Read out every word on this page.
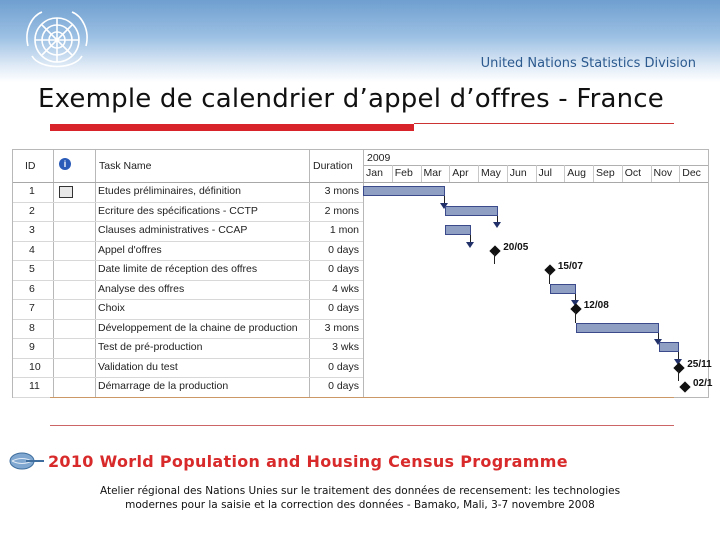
United Nations Statistics Division
Exemple de calendrier d’appel d’offres - France
ID	i	Task Name	Duration
2009
Jan Feb Mar Apr May Jun Jul Aug Sep Oct Nov Dec
1	Etudes préliminaires, définition	3 mons
2	Ecriture des spécifications - CCTP	2 mons
3	Clauses administratives - CCAP	1 mon
4	Appel d'offres	0 days	20/05
5	Date limite de réception des offres	0 days	15/07
6	Analyse des offres	4 wks
7	Choix	0 days	12/08
8	Développement de la chaine de production	3 mons
9	Test de pré-production	3 wks
10	Validation du test	0 days	25/11
11	Démarrage de la production	0 days	02/1
2010 World Population and Housing Census Programme
Atelier régional des Nations Unies sur le traitement des données de recensement: les technologies
modernes pour la saisie et la correction des données - Bamako, Mali, 3-7 novembre 2008
